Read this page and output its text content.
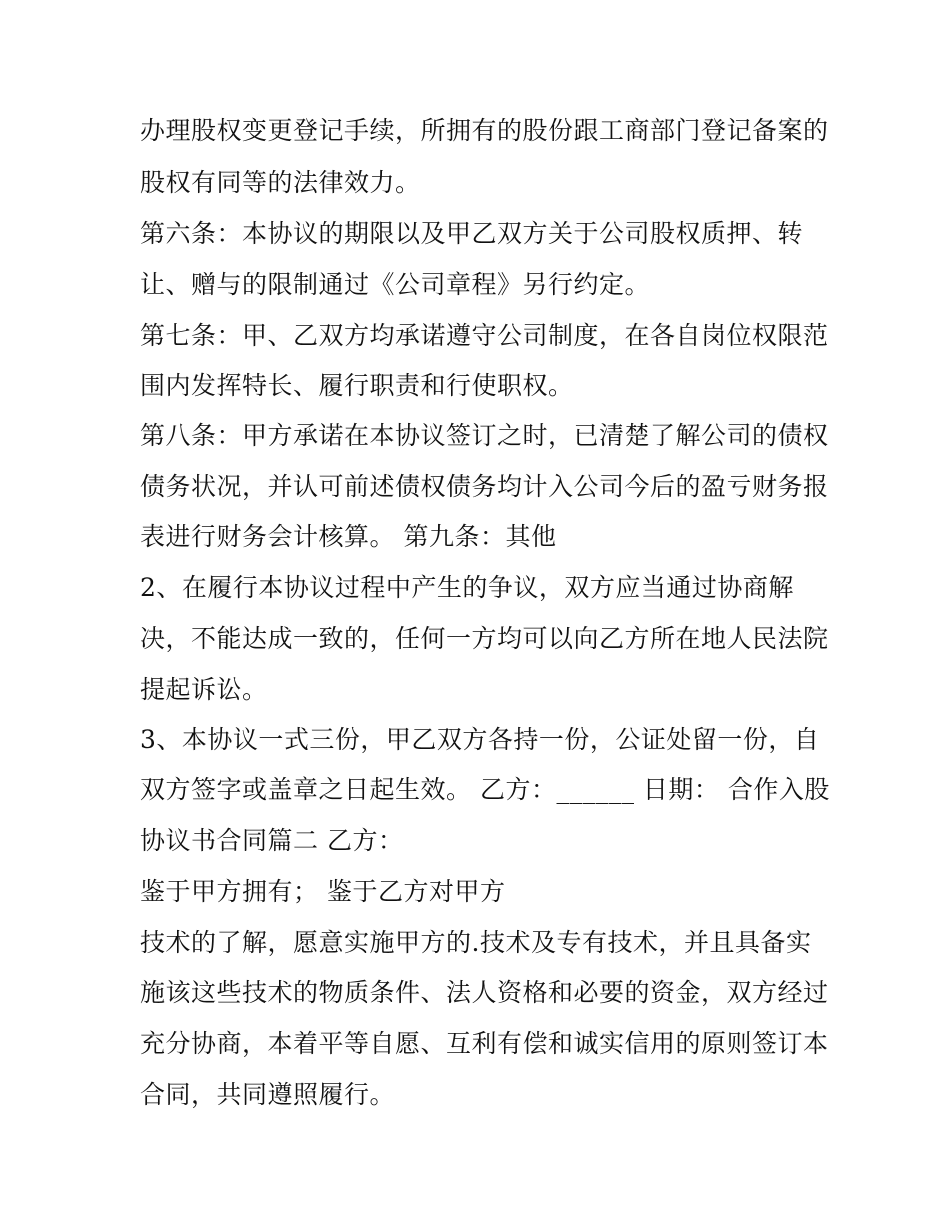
办理股权变更登记手续，所拥有的股份跟工商部门登记备案的
股权有同等的法律效力。
第六条：本协议的期限以及甲乙双方关于公司股权质押、转
让、赠与的限制通过《公司章程》另行约定。
第七条：甲、乙双方均承诺遵守公司制度，在各自岗位权限范
围内发挥特长、履行职责和行使职权。
第八条：甲方承诺在本协议签订之时，已清楚了解公司的债权
债务状况，并认可前述债权债务均计入公司今后的盈亏财务报
表进行财务会计核算。 第九条：其他
2、在履行本协议过程中产生的争议，双方应当通过协商解
决，不能达成一致的，任何一方均可以向乙方所在地人民法院
提起诉讼。
3、本协议一式三份，甲乙双方各持一份，公证处留一份，自
双方签字或盖章之日起生效。 乙方：______ 日期： 合作入股
协议书合同篇二 乙方：
鉴于甲方拥有； 鉴于乙方对甲方
技术的了解，愿意实施甲方的.技术及专有技术，并且具备实
施该这些技术的物质条件、法人资格和必要的资金，双方经过
充分协商，本着平等自愿、互利有偿和诚实信用的原则签订本
合同，共同遵照履行。
